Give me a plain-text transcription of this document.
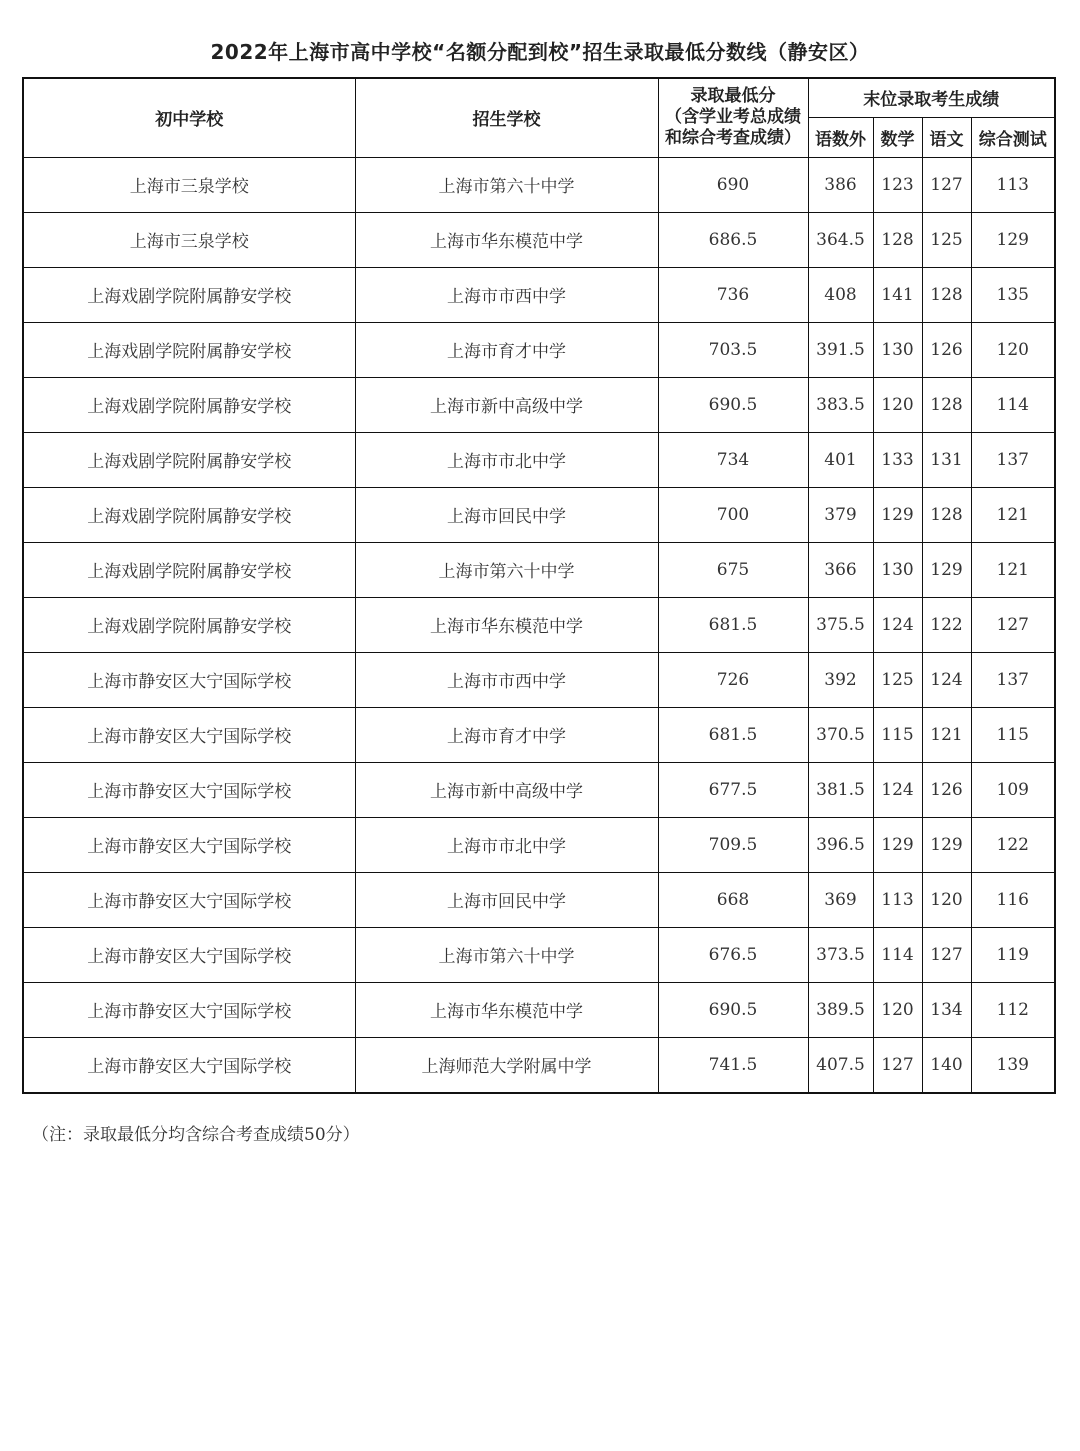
2022年上海市高中学校“名额分配到校”招生录取最低分数线（静安区）
初中学校	招生学校	录取最低分
（含学业考总成绩
和综合考查成绩）	末位录取考生成绩			
			语数外	数学	语文	综合测试
上海市三泉学校	上海市第六十中学	690	386	123	127	113
上海市三泉学校	上海市华东模范中学	686.5	364.5	128	125	129
上海戏剧学院附属静安学校	上海市市西中学	736	408	141	128	135
上海戏剧学院附属静安学校	上海市育才中学	703.5	391.5	130	126	120
上海戏剧学院附属静安学校	上海市新中高级中学	690.5	383.5	120	128	114
上海戏剧学院附属静安学校	上海市市北中学	734	401	133	131	137
上海戏剧学院附属静安学校	上海市回民中学	700	379	129	128	121
上海戏剧学院附属静安学校	上海市第六十中学	675	366	130	129	121
上海戏剧学院附属静安学校	上海市华东模范中学	681.5	375.5	124	122	127
上海市静安区大宁国际学校	上海市市西中学	726	392	125	124	137
上海市静安区大宁国际学校	上海市育才中学	681.5	370.5	115	121	115
上海市静安区大宁国际学校	上海市新中高级中学	677.5	381.5	124	126	109
上海市静安区大宁国际学校	上海市市北中学	709.5	396.5	129	129	122
上海市静安区大宁国际学校	上海市回民中学	668	369	113	120	116
上海市静安区大宁国际学校	上海市第六十中学	676.5	373.5	114	127	119
上海市静安区大宁国际学校	上海市华东模范中学	690.5	389.5	120	134	112
上海市静安区大宁国际学校	上海师范大学附属中学	741.5	407.5	127	140	139
（注：录取最低分均含综合考查成绩50分）
